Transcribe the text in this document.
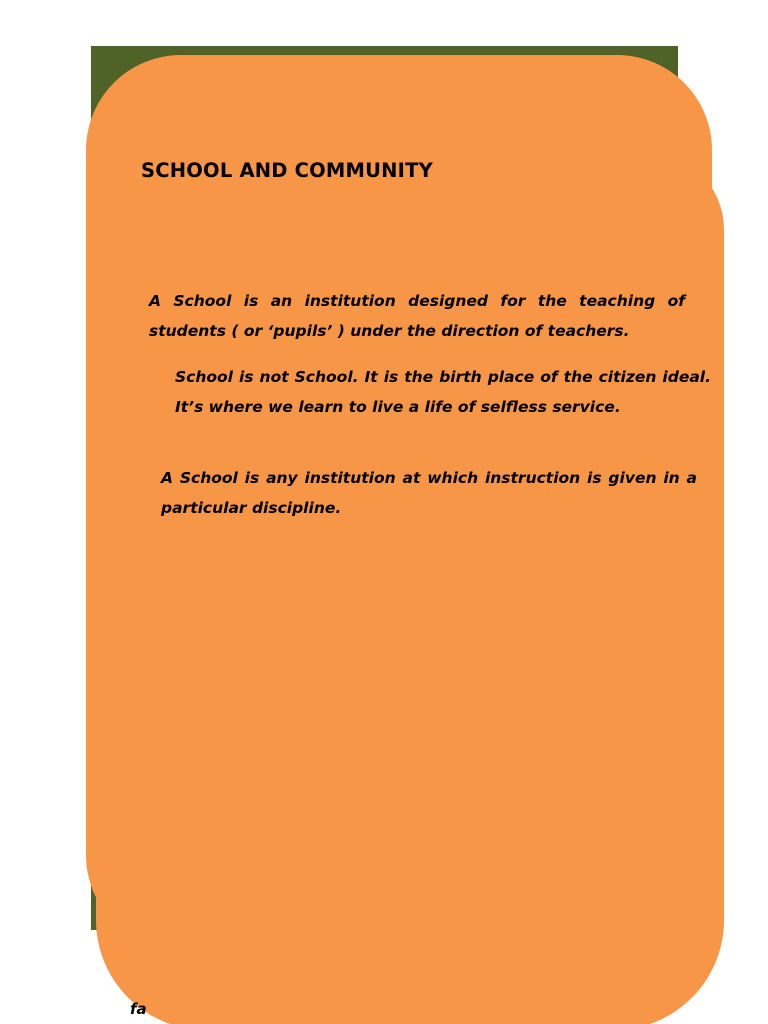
SCHOOL AND COMMUNITY
A School is an institution designed for the teaching of students ( or ‘pupils’ ) under the direction of teachers.
School is not School. It is the birth place of the citizen ideal. It’s where we learn to live a life of selfless service.
A School is any institution at which instruction is given in a particular discipline.
fa
